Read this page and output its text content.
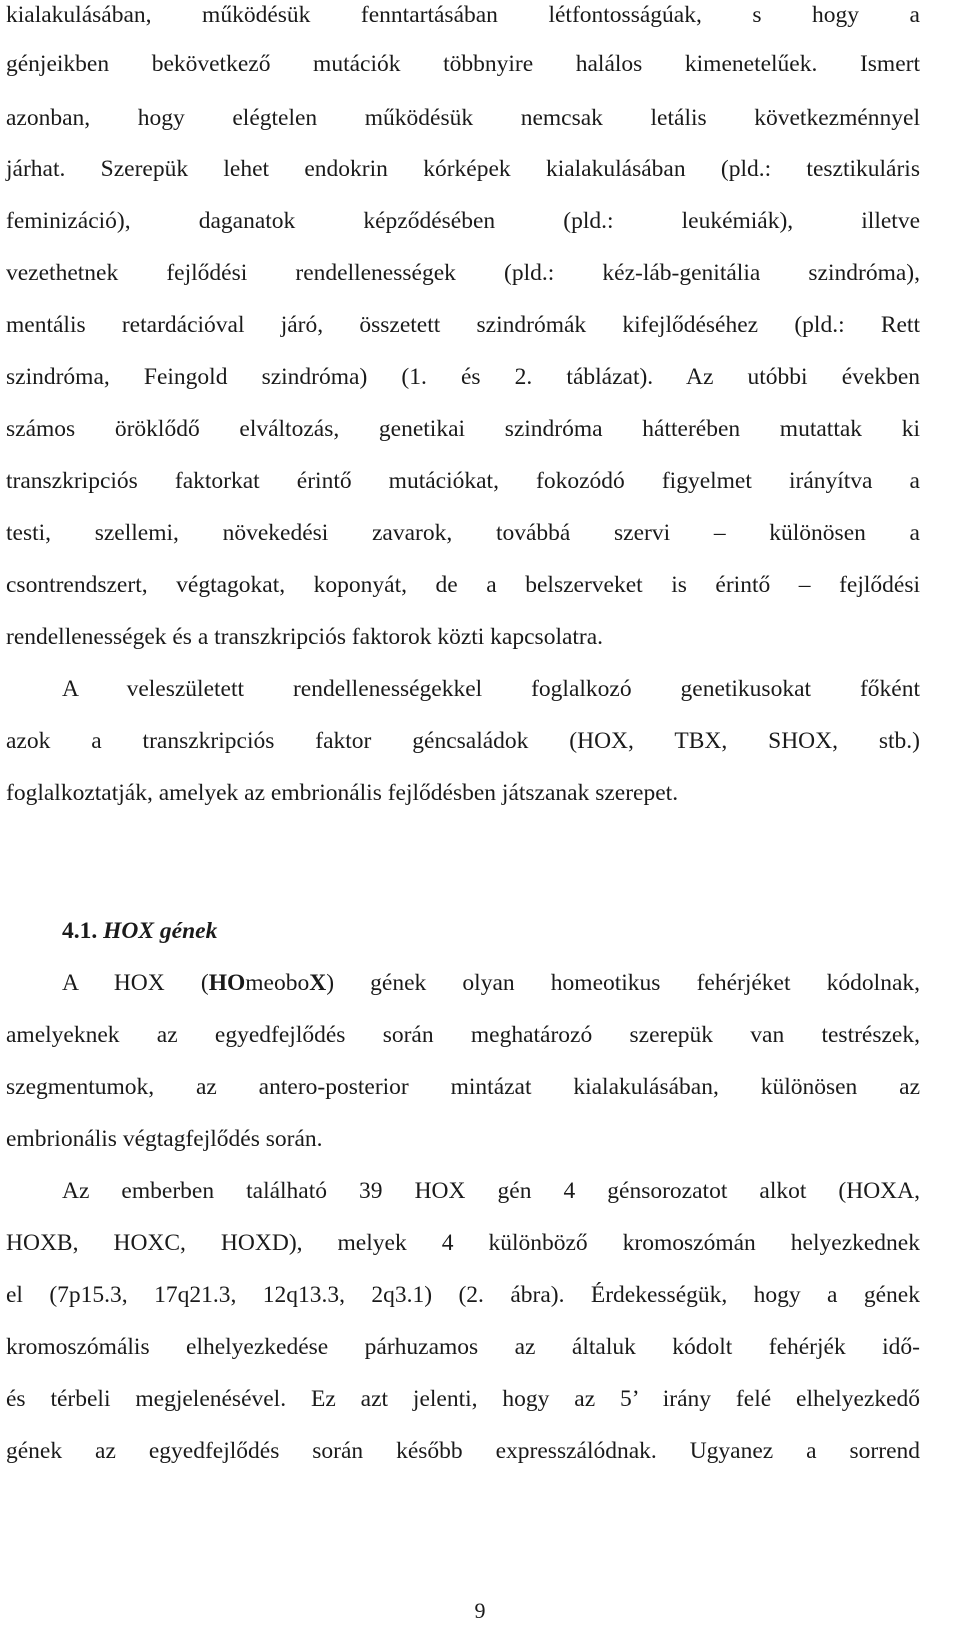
kialakulásában, működésük fenntartásában létfontosságúak, s hogy a
génjeikben bekövetkező mutációk többnyire halálos kimenetelűek. Ismert
azonban, hogy elégtelen működésük nemcsak letális következménnyel
járhat. Szerepük lehet endokrin kórképek kialakulásában (pld.: tesztikuláris
feminizáció), daganatok képződésében (pld.: leukémiák), illetve
vezethetnek fejlődési rendellenességek (pld.: kéz-láb-genitália szindróma),
mentális retardációval járó, összetett szindrómák kifejlődéséhez (pld.: Rett
szindróma, Feingold szindróma) (1. és 2. táblázat). Az utóbbi években
számos öröklődő elváltozás, genetikai szindróma hátterében mutattak ki
transzkripciós faktorkat érintő mutációkat, fokozódó figyelmet irányítva a
testi, szellemi, növekedési zavarok, továbbá szervi – különösen a
csontrendszert, végtagokat, koponyát, de a belszerveket is érintő – fejlődési
rendellenességek és a transzkripciós faktorok közti kapcsolatra.
A veleszületett rendellenességekkel foglalkozó genetikusokat főként
azok a transzkripciós faktor géncsaládok (HOX, TBX, SHOX, stb.)
foglalkoztatják, amelyek az embrionális fejlődésben játszanak szerepet.
4.1. HOX gének
A HOX (HOmeoboX) gének olyan homeotikus fehérjéket kódolnak,
amelyeknek az egyedfejlődés során meghatározó szerepük van testrészek,
szegmentumok, az antero-posterior mintázat kialakulásában, különösen az
embrionális végtagfejlődés során.
Az emberben található 39 HOX gén 4 génsorozatot alkot (HOXA,
HOXB, HOXC, HOXD), melyek 4 különböző kromoszómán helyezkednek
el (7p15.3, 17q21.3, 12q13.3, 2q3.1) (2. ábra). Érdekességük, hogy a gének
kromoszómális elhelyezkedése párhuzamos az általuk kódolt fehérjék idő-
és térbeli megjelenésével. Ez azt jelenti, hogy az 5’ irány felé elhelyezkedő
gének az egyedfejlődés során később expresszálódnak. Ugyanez a sorrend
9
